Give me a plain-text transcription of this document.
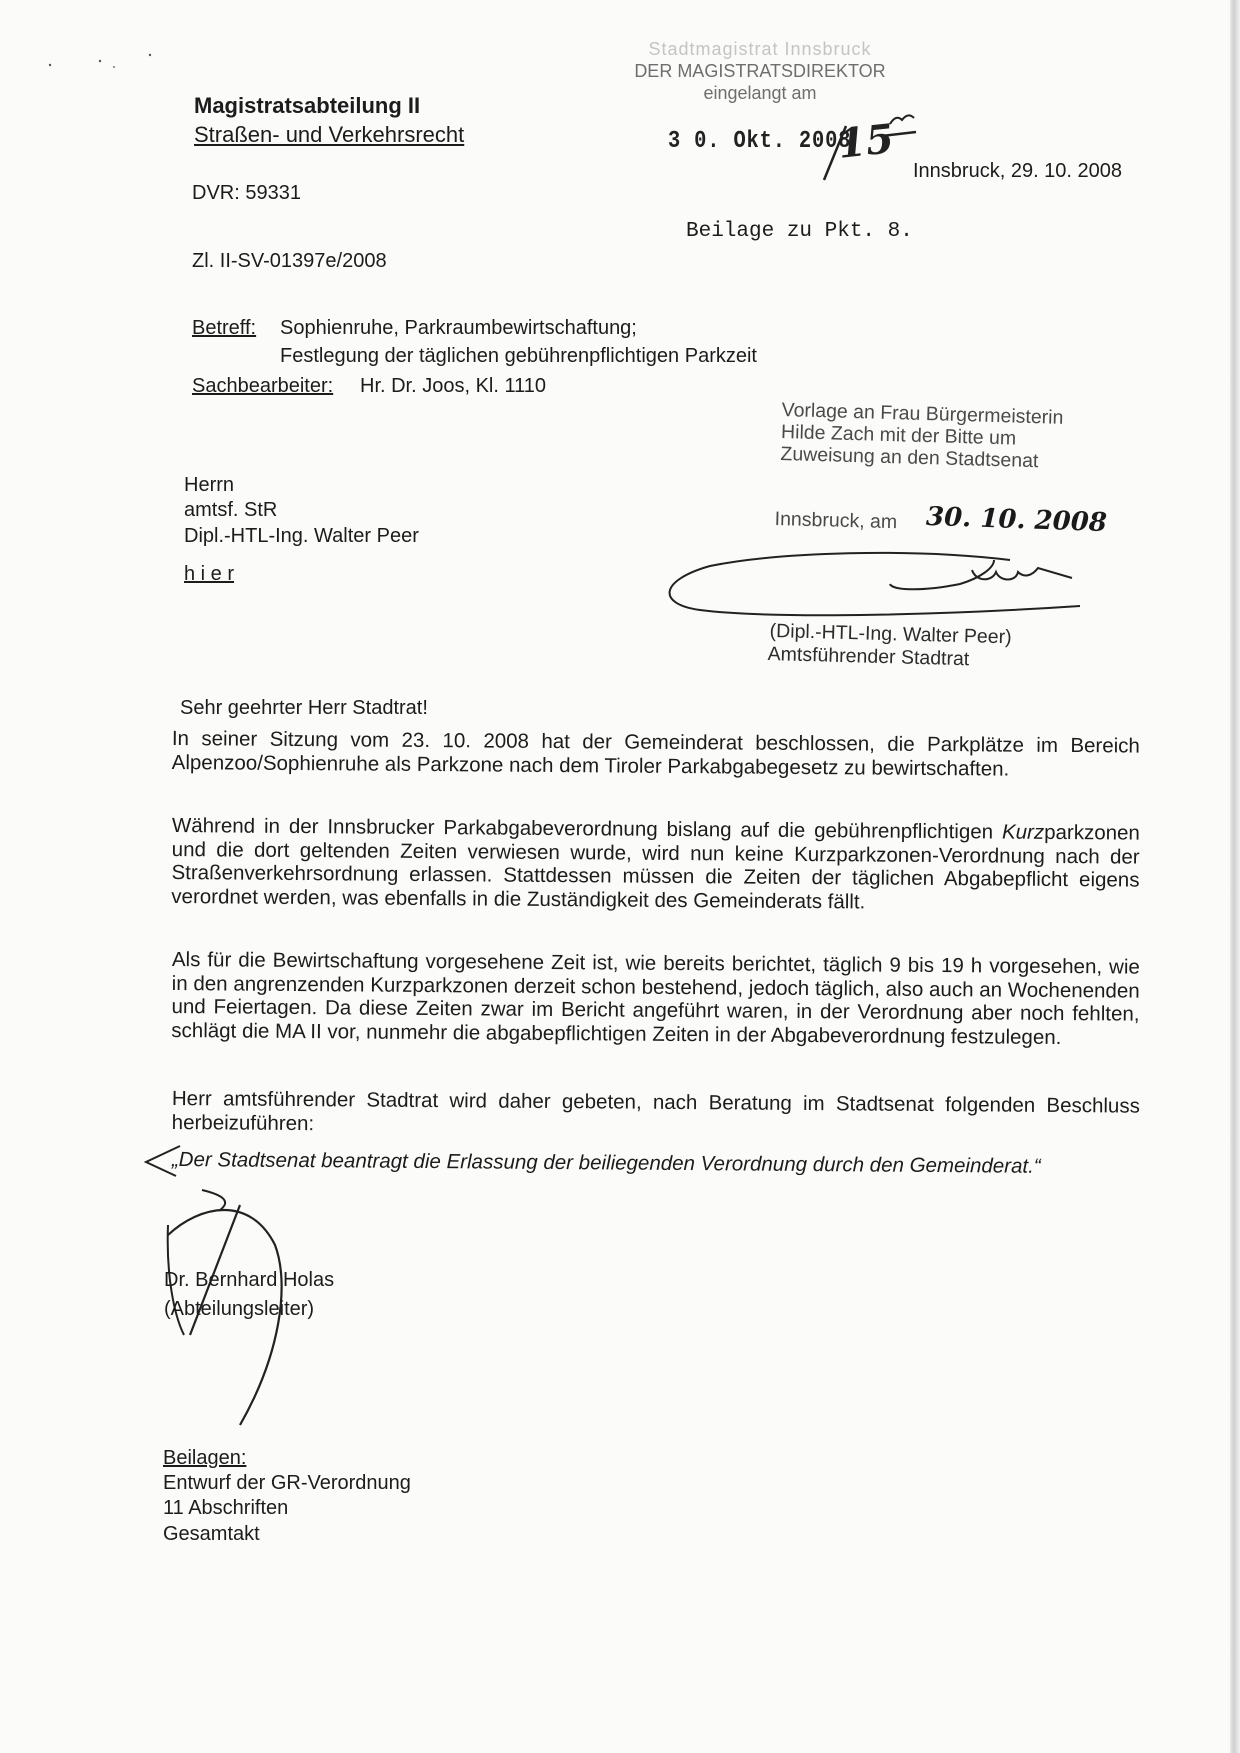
Magistratsabteilung II
Straßen- und Verkehrsrecht
DVR: 59331
Zl. II-SV-01397e/2008
Stadtmagistrat Innsbruck
DER MAGISTRATSDIREKTOR
eingelangt am
3 0. Okt. 2008
15
Innsbruck, 29. 10. 2008
Beilage zu Pkt. 8.
Betreff: Sophienruhe, Parkraumbewirtschaftung;
Festlegung der täglichen gebührenpflichtigen Parkzeit
Sachbearbeiter: Hr. Dr. Joos, Kl. 1110
Vorlage an Frau Bürgermeisterin
Hilde Zach mit der Bitte um
Zuweisung an den Stadtsenat
Innsbruck, am 30. 10. 2008
(Dipl.-HTL-Ing. Walter Peer)
Amtsführender Stadtrat
Herrn
amtsf. StR
Dipl.-HTL-Ing. Walter Peer
h i e r
Sehr geehrter Herr Stadtrat!
In seiner Sitzung vom 23. 10. 2008 hat der Gemeinderat beschlossen, die Parkplätze im Bereich Alpenzoo/Sophienruhe als Parkzone nach dem Tiroler Parkabgabegesetz zu bewirtschaften.
Während in der Innsbrucker Parkabgabeverordnung bislang auf die gebührenpflichtigen Kurzparkzonen und die dort geltenden Zeiten verwiesen wurde, wird nun keine Kurzparkzonen-Verordnung nach der Straßenverkehrsordnung erlassen. Stattdessen müssen die Zeiten der täglichen Abgabepflicht eigens verordnet werden, was ebenfalls in die Zuständigkeit des Gemeinderats fällt.
Als für die Bewirtschaftung vorgesehene Zeit ist, wie bereits berichtet, täglich 9 bis 19 h vorgesehen, wie in den angrenzenden Kurzparkzonen derzeit schon bestehend, jedoch täglich, also auch an Wochenenden und Feiertagen. Da diese Zeiten zwar im Bericht angeführt waren, in der Verordnung aber noch fehlten, schlägt die MA II vor, nunmehr die abgabepflichtigen Zeiten in der Abgabeverordnung festzulegen.
Herr amtsführender Stadtrat wird daher gebeten, nach Beratung im Stadtsenat folgenden Beschluss herbeizuführen:
„Der Stadtsenat beantragt die Erlassung der beiliegenden Verordnung durch den Gemeinderat.“
Dr. Bernhard Holas
(Abteilungsleiter)
Beilagen:
Entwurf der GR-Verordnung
11 Abschriften
Gesamtakt
